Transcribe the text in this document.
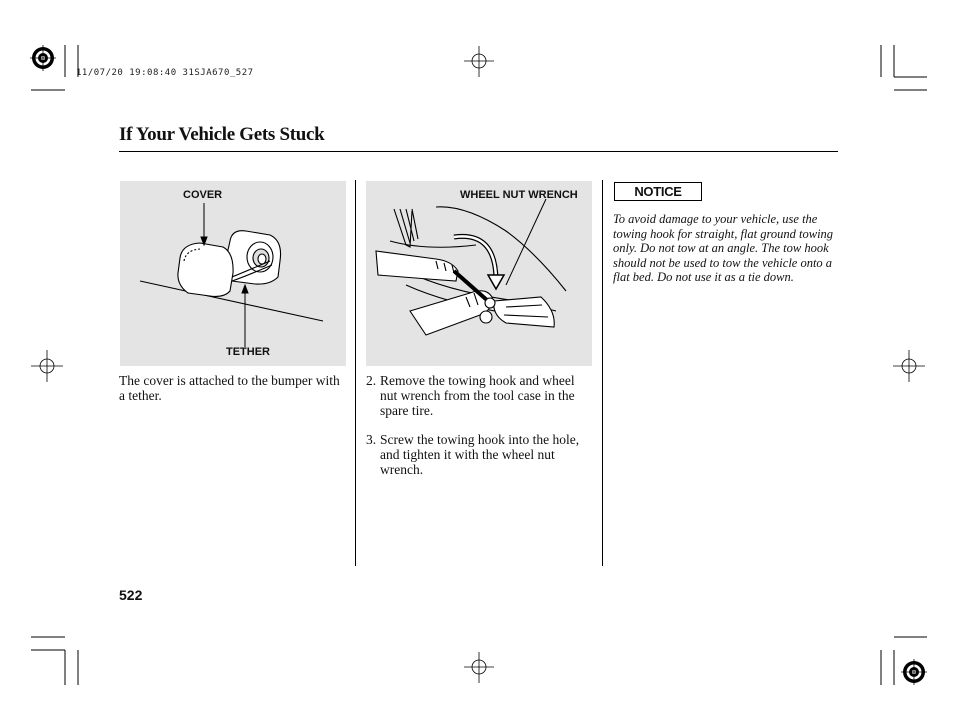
11/07/20 19:08:40 31SJA670_527
If Your Vehicle Gets Stuck
COVER
TETHER
WHEEL NUT WRENCH
The cover is attached to the bumper with a tether.
2. Remove the towing hook and wheel nut wrench from the tool case in the spare tire.
3. Screw the towing hook into the hole, and tighten it with the wheel nut wrench.
NOTICE
To avoid damage to your vehicle, use the towing hook for straight, flat ground towing only. Do not tow at an angle. The tow hook should not be used to tow the vehicle onto a flat bed. Do not use it as a tie down.
522
